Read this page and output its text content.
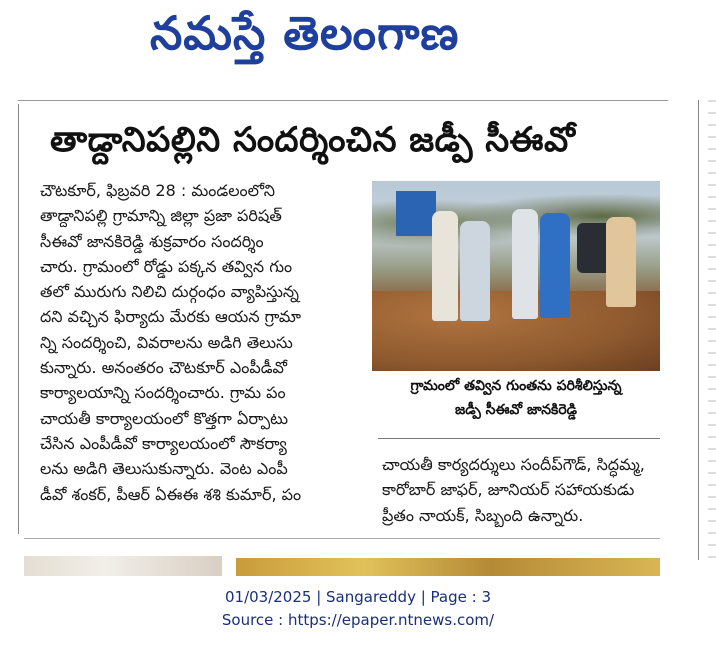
నమస్తే తెలంగాణ
తాడ్దానిపల్లిని సందర్శించిన జడ్పీ సీఈవో

చౌటకూర్, ఫిబ్రవరి 28 : మండలంలోని

తాడ్దానిపల్లి గ్రామాన్ని జిల్లా ప్రజా పరిషత్

సీఈవో జానకిరెడ్డి శుక్రవారం సందర్శిం

చారు. గ్రామంలో రోడ్డు పక్కన తవ్విన గుం

తలో మురుగు నిలిచి దుర్గంధం వ్యాపిస్తున్న

దని వచ్చిన ఫిర్యాదు మేరకు ఆయన గ్రామా

న్ని సందర్శించి, వివరాలను అడిగి తెలుసు

కున్నారు. అనంతరం చౌటకూర్ ఎంపీడీవో

కార్యాలయాన్ని సందర్శించారు. గ్రామ పం

చాయతీ కార్యాలయంలో కొత్తగా ఏర్పాటు

చేసిన ఎంపీడీవో కార్యాలయంలో సౌకర్యా

లను అడిగి తెలుసుకున్నారు. వెంట ఎంపీ

డీవో శంకర్, పీఆర్ ఏఈఈ శశి కుమార్, పం

గ్రామంలో తవ్విన గుంతను పరిశీలిస్తున్న
జడ్పీ సీఈవో జానకిరెడ్డి

చాయతీ కార్యదర్శులు సందీప్‌గౌడ్, సిద్ధమ్మ,

కారోబార్ జాఫర్, జూనియర్ సహాయకుడు

ప్రీతం నాయక్, సిబ్బంది ఉన్నారు.

01/03/2025 | Sangareddy | Page : 3
Source : https://epaper.ntnews.com/
